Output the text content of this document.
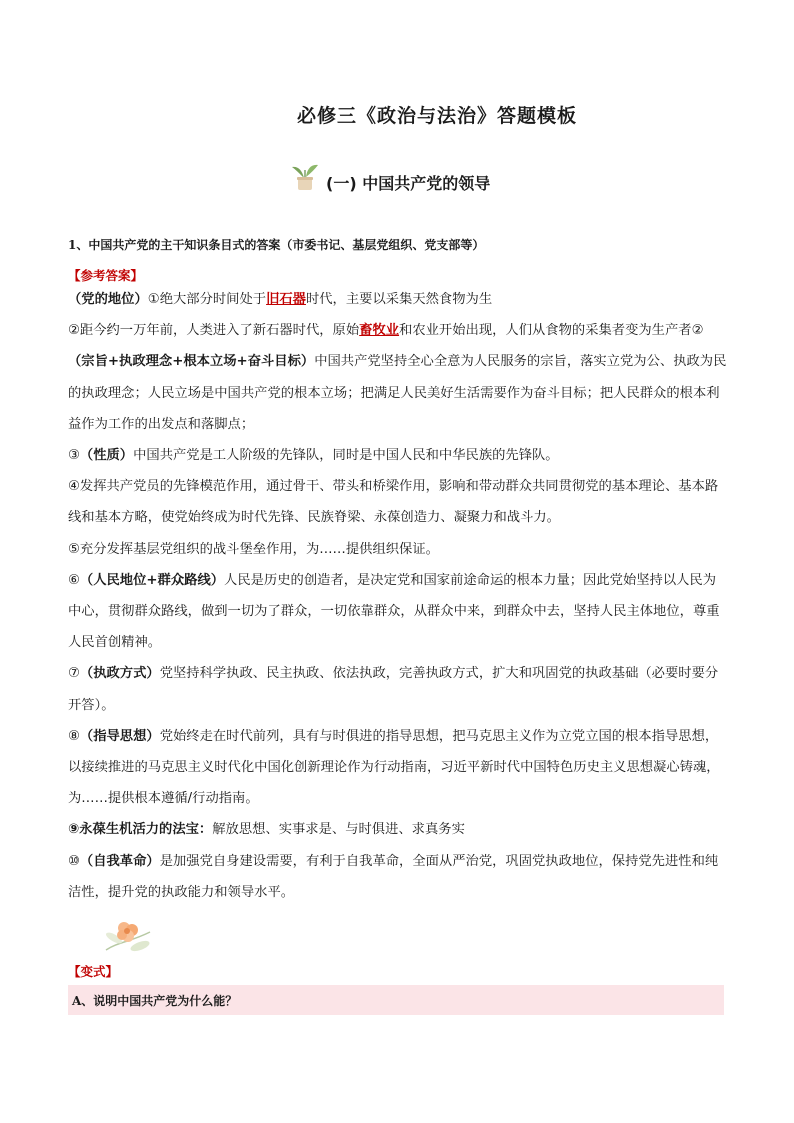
必修三《政治与法治》答题模板
(一) 中国共产党的领导
1、中国共产党的主干知识条目式的答案（市委书记、基层党组织、党支部等）
【参考答案】

（党的地位）①绝大部分时间处于旧石器时代，主要以采集天然食物为生

②距今约一万年前，人类进入了新石器时代，原始畜牧业和农业开始出现，人们从食物的采集者变为生产者②（宗旨+执政理念+根本立场+奋斗目标）中国共产党坚持全心全意为人民服务的宗旨，落实立党为公、执政为民的执政理念；人民立场是中国共产党的根本立场；把满足人民美好生活需要作为奋斗目标；把人民群众的根本利益作为工作的出发点和落脚点；

③（性质）中国共产党是工人阶级的先锋队，同时是中国人民和中华民族的先锋队。

④发挥共产党员的先锋模范作用，通过骨干、带头和桥梁作用，影响和带动群众共同贯彻党的基本理论、基本路线和基本方略，使党始终成为时代先锋、民族脊梁、永葆创造力、凝聚力和战斗力。

⑤充分发挥基层党组织的战斗堡垒作用，为……提供组织保证。

⑥（人民地位+群众路线）人民是历史的创造者，是决定党和国家前途命运的根本力量；因此党始坚持以人民为中心，贯彻群众路线，做到一切为了群众，一切依靠群众，从群众中来，到群众中去，坚持人民主体地位，尊重人民首创精神。

⑦（执政方式）党坚持科学执政、民主执政、依法执政，完善执政方式，扩大和巩固党的执政基础（必要时要分开答）。

⑧（指导思想）党始终走在时代前列，具有与时俱进的指导思想，把马克思主义作为立党立国的根本指导思想，以接续推进的马克思主义时代化中国化创新理论作为行动指南，习近平新时代中国特色历史主义思想凝心铸魂，为……提供根本遵循/行动指南。

⑨永葆生机活力的法宝：解放思想、实事求是、与时俱进、求真务实

⑩（自我革命）是加强党自身建设需要，有利于自我革命，全面从严治党，巩固党执政地位，保持党先进性和纯洁性，提升党的执政能力和领导水平。

【变式】
A、说明中国共产党为什么能？
